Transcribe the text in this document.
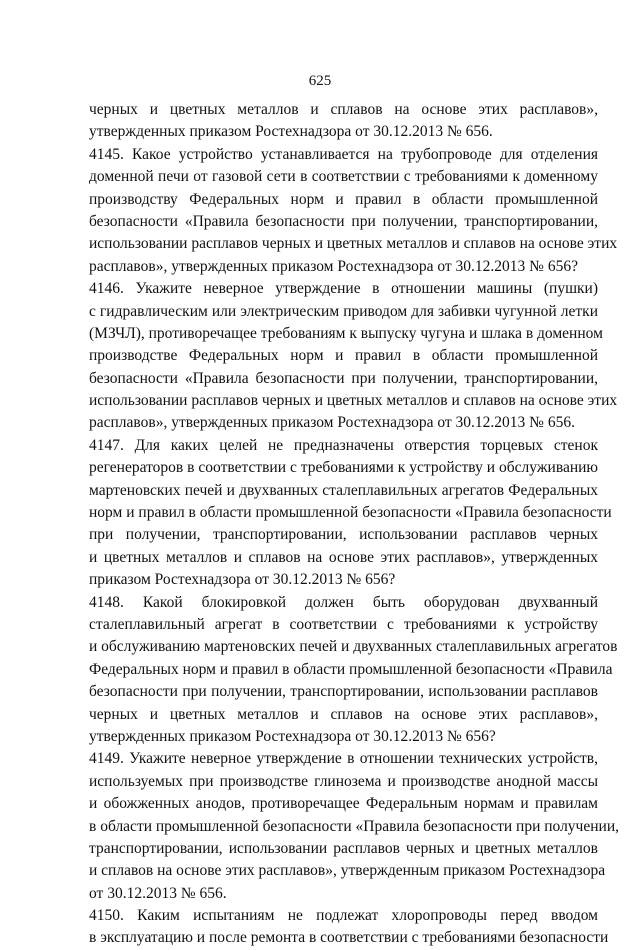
625
черных и цветных металлов и сплавов на основе этих расплавов»,
утвержденных приказом Ростехнадзора от 30.12.2013 № 656.
4145. Какое устройство устанавливается на трубопроводе для отделения
доменной печи от газовой сети в соответствии с требованиями к доменному
производству Федеральных норм и правил в области промышленной
безопасности «Правила безопасности при получении, транспортировании,
использовании расплавов черных и цветных металлов и сплавов на основе этих
расплавов», утвержденных приказом Ростехнадзора от 30.12.2013 № 656?
4146. Укажите неверное утверждение в отношении машины (пушки)
с гидравлическим или электрическим приводом для забивки чугунной летки
(МЗЧЛ), противоречащее требованиям к выпуску чугуна и шлака в доменном
производстве Федеральных норм и правил в области промышленной
безопасности «Правила безопасности при получении, транспортировании,
использовании расплавов черных и цветных металлов и сплавов на основе этих
расплавов», утвержденных приказом Ростехнадзора от 30.12.2013 № 656.
4147. Для каких целей не предназначены отверстия торцевых стенок
регенераторов в соответствии с требованиями к устройству и обслуживанию
мартеновских печей и двухванных сталеплавильных агрегатов Федеральных
норм и правил в области промышленной безопасности «Правила безопасности
при получении, транспортировании, использовании расплавов черных
и цветных металлов и сплавов на основе этих расплавов», утвержденных
приказом Ростехнадзора от 30.12.2013 № 656?
4148. Какой блокировкой должен быть оборудован двухванный
сталеплавильный агрегат в соответствии с требованиями к устройству
и обслуживанию мартеновских печей и двухванных сталеплавильных агрегатов
Федеральных норм и правил в области промышленной безопасности «Правила
безопасности при получении, транспортировании, использовании расплавов
черных и цветных металлов и сплавов на основе этих расплавов»,
утвержденных приказом Ростехнадзора от 30.12.2013 № 656?
4149. Укажите неверное утверждение в отношении технических устройств,
используемых при производстве глинозема и производстве анодной массы
и обожженных анодов, противоречащее Федеральным нормам и правилам
в области промышленной безопасности «Правила безопасности при получении,
транспортировании, использовании расплавов черных и цветных металлов
и сплавов на основе этих расплавов», утвержденным приказом Ростехнадзора
от 30.12.2013 № 656.
4150. Каким испытаниям не подлежат хлоропроводы перед вводом
в эксплуатацию и после ремонта в соответствии с требованиями безопасности
